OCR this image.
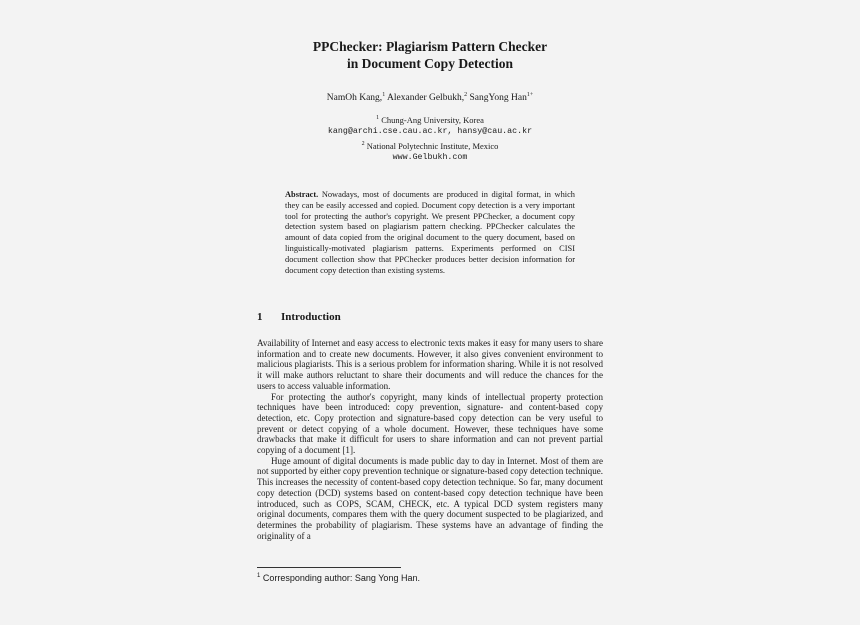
PPChecker: Plagiarism Pattern Checker
in Document Copy Detection
NamOh Kang,$^1$ Alexander Gelbukh,$^2$ SangYong Han$^{1+}$
$^1$ Chung-Ang University, Korea
kang@archi.cse.cau.ac.kr, hansy@cau.ac.kr
$^2$ National Polytechnic Institute, Mexico
www.Gelbukh.com
Abstract. Nowadays, most of documents are produced in digital format, in which they can be easily accessed and copied. Document copy detection is a very important tool for protecting the author's copyright. We present PPChecker, a document copy detection system based on plagiarism pattern checking. PPChecker calculates the amount of data copied from the original document to the query document, based on linguistically-motivated plagiarism patterns. Experiments performed on CISI document collection show that PPChecker produces better decision information for document copy detection than existing systems.
1 Introduction

Availability of Internet and easy access to electronic texts makes it easy for many users to share information and to create new documents. However, it also gives convenient environment to malicious plagiarists. This is a serious problem for information sharing. While it is not resolved it will make authors reluctant to share their documents and will reduce the chances for the users to access valuable information.

For protecting the author's copyright, many kinds of intellectual property protection techniques have been introduced: copy prevention, signature- and content-based copy detection, etc. Copy protection and signature-based copy detection can be very useful to prevent or detect copying of a whole document. However, these techniques have some drawbacks that make it difficult for users to share information and can not prevent partial copying of a document [1].

Huge amount of digital documents is made public day to day in Internet. Most of them are not supported by either copy prevention technique or signature-based copy detection technique. This increases the necessity of content-based copy detection technique. So far, many document copy detection (DCD) systems based on content-based copy detection technique have been introduced, such as COPS, SCAM, CHECK, etc. A typical DCD system registers many original documents, compares them with the query document suspected to be plagiarized, and determines the probability of plagiarism. These systems have an advantage of finding the originality of a

$^1$ Corresponding author: Sang Yong Han.
